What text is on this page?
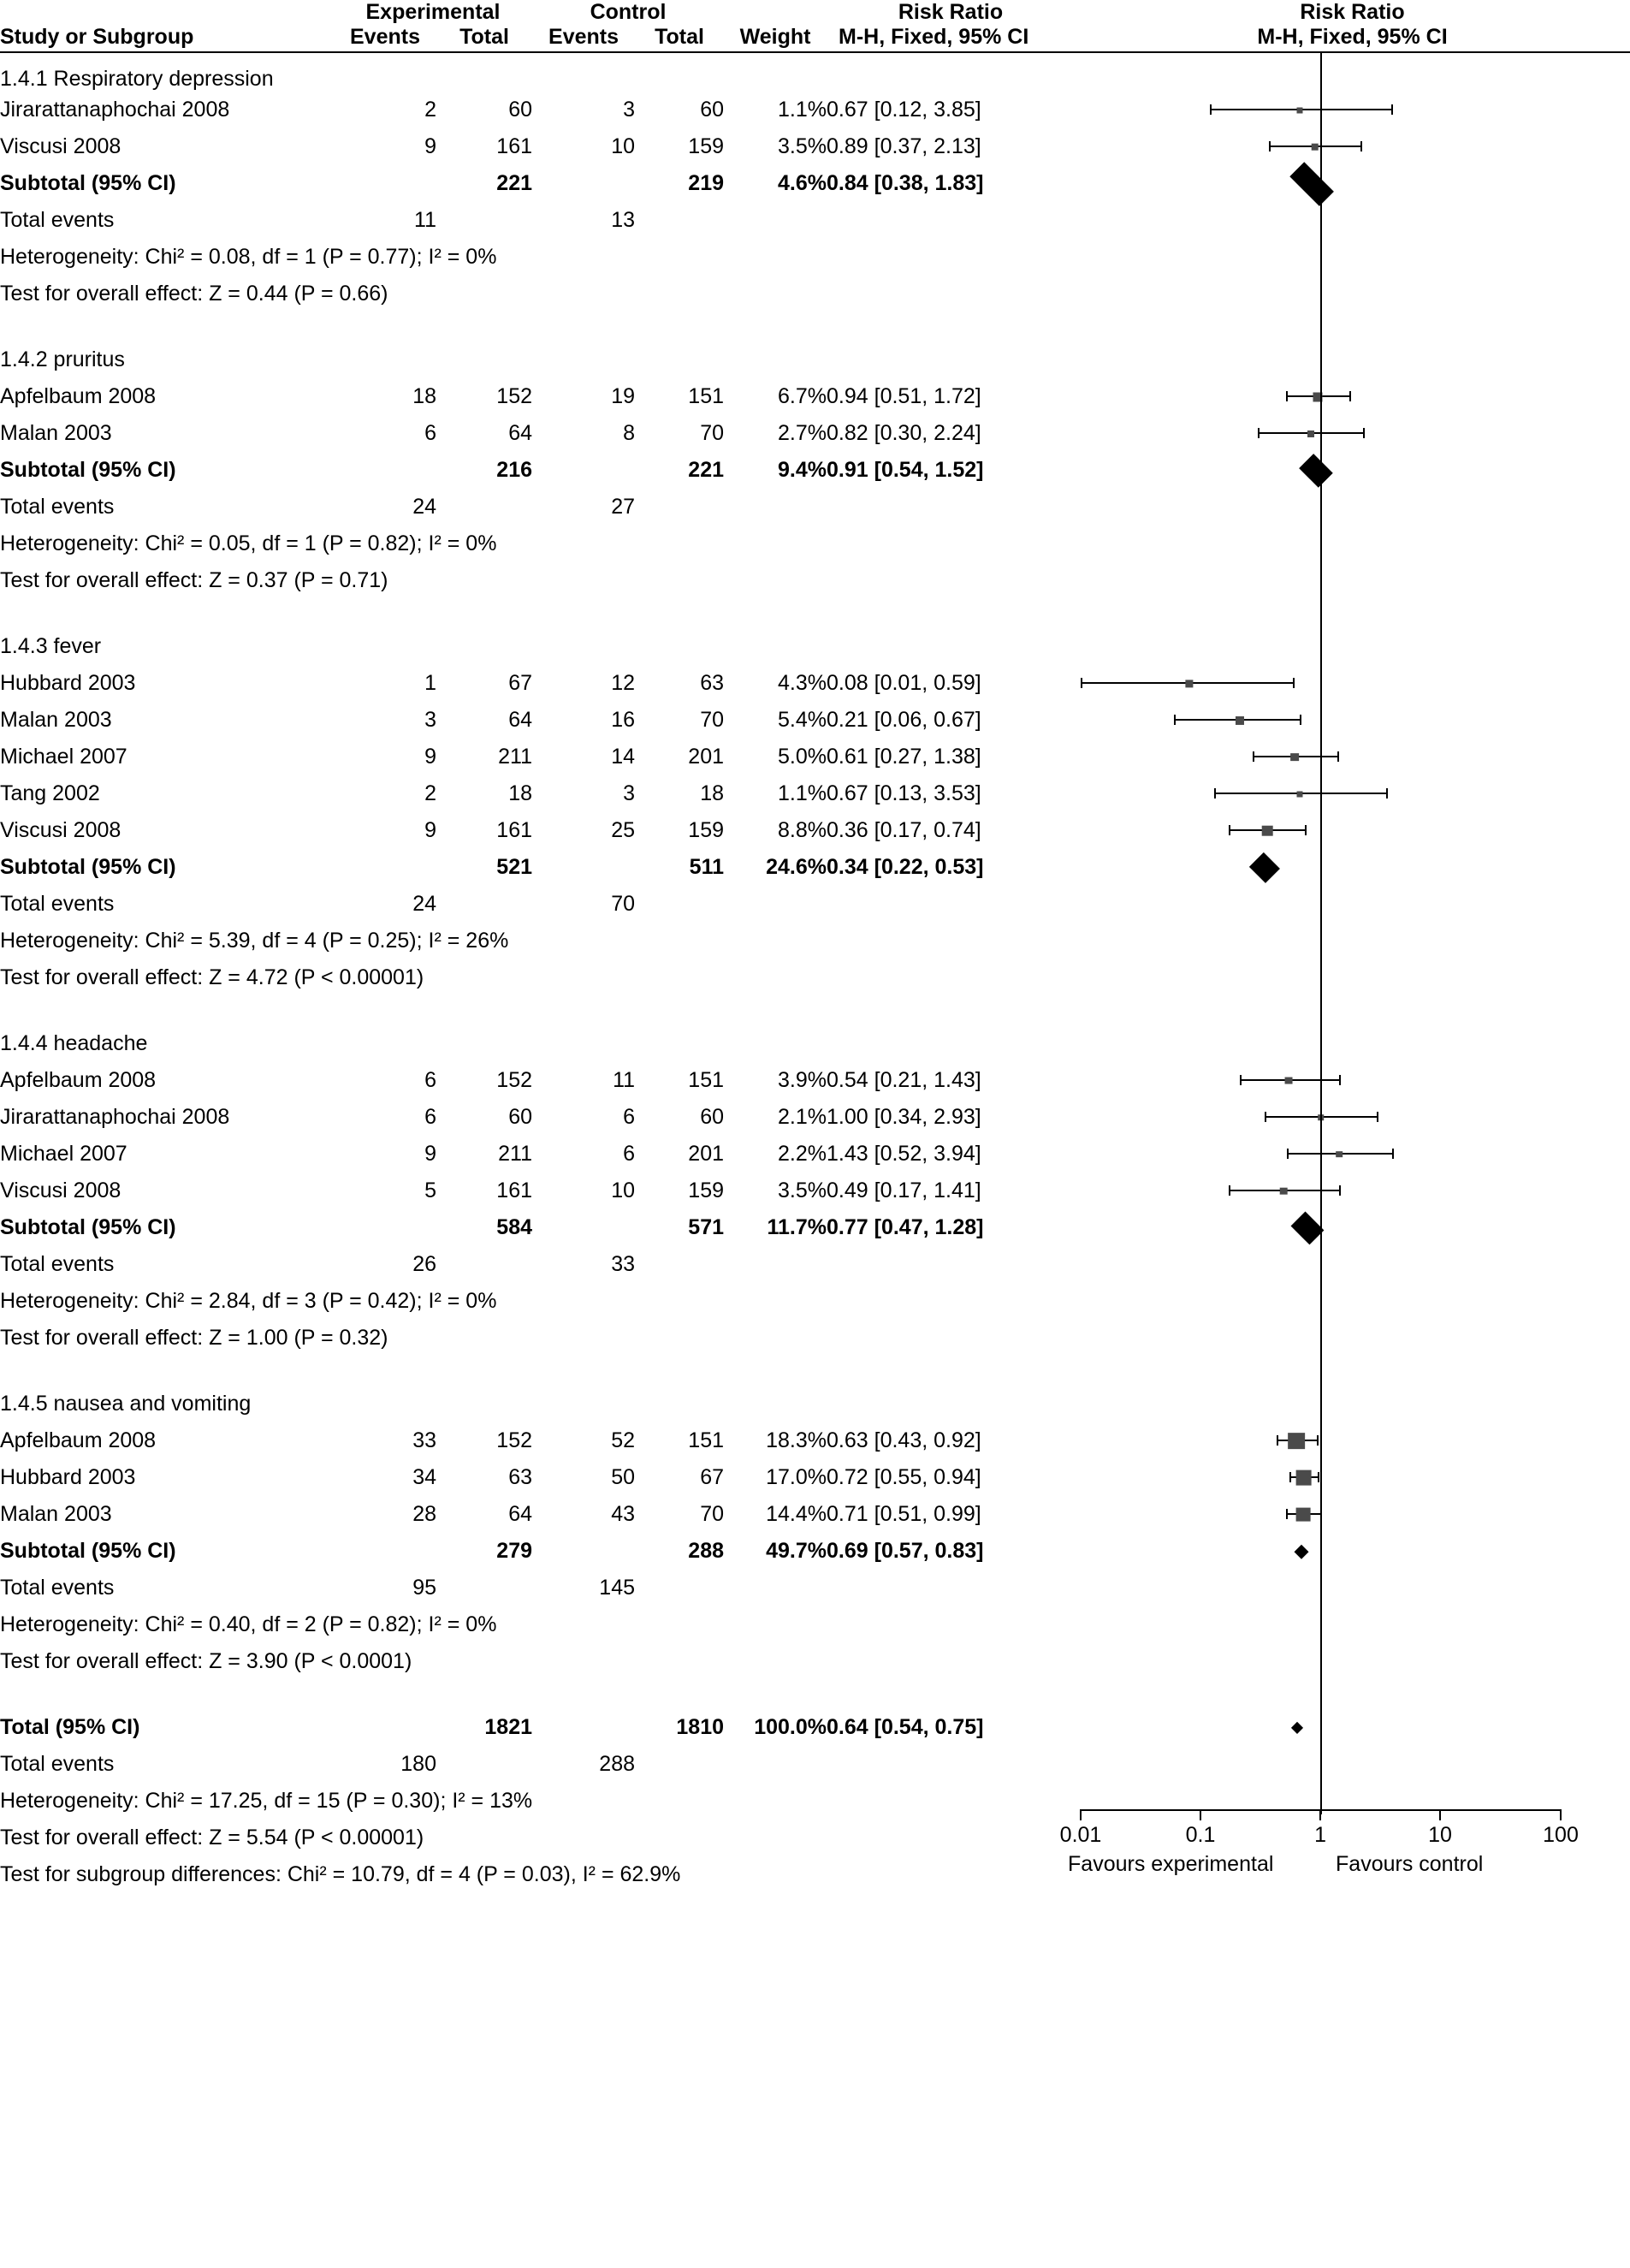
	Experimental		Control			Risk Ratio	Risk Ratio
Study or Subgroup	Events	Total	Events	Total	Weight	M-H, Fixed, 95% CI	M-H, Fixed, 95% CI

1.4.1 Respiratory depression							
Jirarattanaphochai 2008	2	60	3	60	1.1%	0.67 [0.12, 3.85]	

Viscusi 2008	9	161	10	159	3.5%	0.89 [0.37, 2.13]	

Subtotal (95% CI)		221		219	4.6%	0.84 [0.38, 1.83]	

Total events	11		13				
Heterogeneity: Chi² = 0.08, df = 1 (P = 0.77); I² = 0%							
Test for overall effect: Z = 0.44 (P = 0.66)							

1.4.2 pruritus							
Apfelbaum 2008	18	152	19	151	6.7%	0.94 [0.51, 1.72]	

Malan 2003	6	64	8	70	2.7%	0.82 [0.30, 2.24]	

Subtotal (95% CI)		216		221	9.4%	0.91 [0.54, 1.52]	

Total events	24		27				
Heterogeneity: Chi² = 0.05, df = 1 (P = 0.82); I² = 0%							
Test for overall effect: Z = 0.37 (P = 0.71)							

1.4.3 fever							
Hubbard 2003	1	67	12	63	4.3%	0.08 [0.01, 0.59]	

Malan 2003	3	64	16	70	5.4%	0.21 [0.06, 0.67]	

Michael 2007	9	211	14	201	5.0%	0.61 [0.27, 1.38]	

Tang 2002	2	18	3	18	1.1%	0.67 [0.13, 3.53]	

Viscusi 2008	9	161	25	159	8.8%	0.36 [0.17, 0.74]	

Subtotal (95% CI)		521		511	24.6%	0.34 [0.22, 0.53]	

Total events	24		70				
Heterogeneity: Chi² = 5.39, df = 4 (P = 0.25); I² = 26%							
Test for overall effect: Z = 4.72 (P < 0.00001)							

1.4.4 headache							
Apfelbaum 2008	6	152	11	151	3.9%	0.54 [0.21, 1.43]	

Jirarattanaphochai 2008	6	60	6	60	2.1%	1.00 [0.34, 2.93]	

Michael 2007	9	211	6	201	2.2%	1.43 [0.52, 3.94]	

Viscusi 2008	5	161	10	159	3.5%	0.49 [0.17, 1.41]	

Subtotal (95% CI)		584		571	11.7%	0.77 [0.47, 1.28]	

Total events	26		33				
Heterogeneity: Chi² = 2.84, df = 3 (P = 0.42); I² = 0%							
Test for overall effect: Z = 1.00 (P = 0.32)							

1.4.5 nausea and vomiting							
Apfelbaum 2008	33	152	52	151	18.3%	0.63 [0.43, 0.92]	

Hubbard 2003	34	63	50	67	17.0%	0.72 [0.55, 0.94]	

Malan 2003	28	64	43	70	14.4%	0.71 [0.51, 0.99]	

Subtotal (95% CI)		279		288	49.7%	0.69 [0.57, 0.83]	

Total events	95		145				
Heterogeneity: Chi² = 0.40, df = 2 (P = 0.82); I² = 0%							
Test for overall effect: Z = 3.90 (P < 0.0001)							

Total (95% CI)		1821		1810	100.0%	0.64 [0.54, 0.75]	

Total events	180		288				
Heterogeneity: Chi² = 17.25, df = 15 (P = 0.30); I² = 13%	
0.01	0.1	1	10	100
Favours experimental	Favours control

Test for overall effect: Z = 5.54 (P < 0.00001)
Test for subgroup differences: Chi² = 10.79, df = 4 (P = 0.03), I² = 62.9%
